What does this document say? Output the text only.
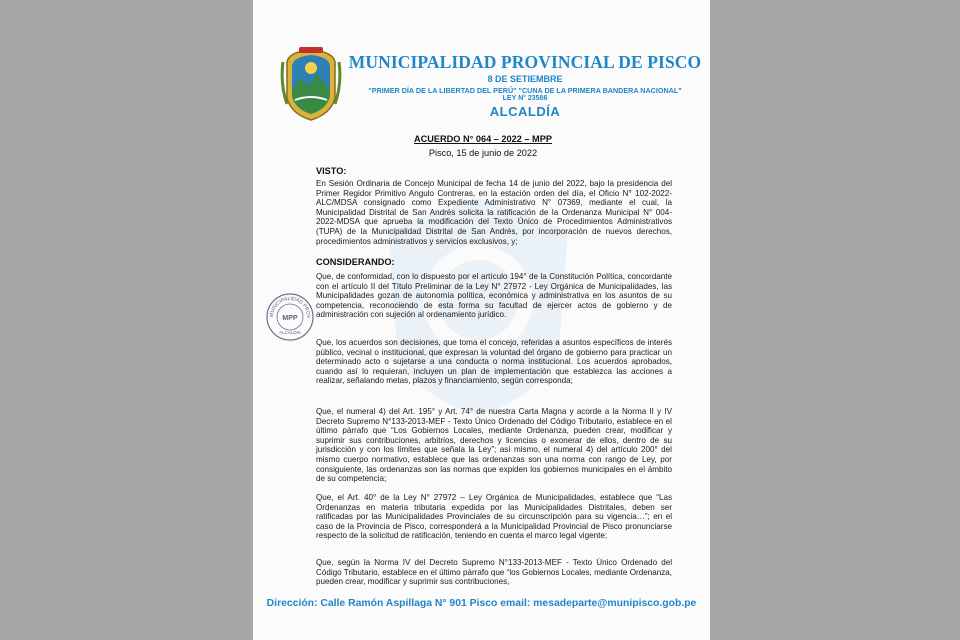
MUNICIPALIDAD PROVINCIAL DE PISCO
8 DE SETIEMBRE
"PRIMER DÍA DE LA LIBERTAD DEL PERÚ" "CUNA DE LA PRIMERA BANDERA NACIONAL"
LEY N° 23586
ALCALDÍA
ACUERDO N° 064 – 2022 – MPP
Pisco, 15 de junio de 2022
VISTO:
En Sesión Ordinaria de Concejo Municipal de fecha 14 de junio del 2022, bajo la presidencia del Primer Regidor Primitivo Angulo Contreras, en la estación orden del día, el Oficio N° 102-2022-ALC/MDSA consignado como Expediente Administrativo N° 07369, mediante el cual, la Municipalidad Distrital de San Andrés solicita la ratificación de la Ordenanza Municipal N° 004-2022-MDSA que aprueba la modificación del Texto Único de Procedimientos Administrativos (TUPA) de la Municipalidad Distrital de San Andrés, por incorporación de nuevos derechos, procedimientos administrativos y servicios exclusivos, y;
CONSIDERANDO:
Que, de conformidad, con lo dispuesto por el artículo 194° de la Constitución Política, concordante con el artículo II del Título Preliminar de la Ley N° 27972 - Ley Orgánica de Municipalidades, las Municipalidades gozan de autonomía política, económica y administrativa en los asuntos de su competencia, reconociendo de esta forma su facultad de ejercer actos de gobierno y de administración con sujeción al ordenamiento jurídico.
Que, los acuerdos son decisiones, que toma el concejo, referidas a asuntos específicos de interés público, vecinal o institucional, que expresan la voluntad del órgano de gobierno para practicar un determinado acto o sujetarse a una conducta o norma institucional. Los acuerdos aprobados, cuando así lo requieran, incluyen un plan de implementación que establezca las acciones a realizar, señalando metas, plazos y financiamiento, según corresponda;
Que, el numeral 4) del Art. 195° y Art. 74° de nuestra Carta Magna y acorde a la Norma II y IV Decreto Supremo N°133-2013-MEF - Texto Único Ordenado del Código Tributario, establece en el último párrafo que “Los Gobiernos Locales, mediante Ordenanza, pueden crear, modificar y suprimir sus contribuciones, arbitrios, derechos y licencias o exonerar de ellos, dentro de su jurisdicción y con los límites que señala la Ley”; así mismo, el numeral 4) del artículo 200° del mismo cuerpo normativo, establece que las ordenanzas son una norma con rango de Ley, por consiguiente, las ordenanzas son las normas que expiden los gobiernos municipales en el ámbito de su competencia;
Que, el Art. 40° de la Ley N° 27972 – Ley Orgánica de Municipalidades, establece que “Las Ordenanzas en materia tributaria expedida por las Municipalidades Distritales, deben ser ratificadas por las Municipalidades Provinciales de su circunscripción para su vigencia…”; en el caso de la Provincia de Pisco, corresponderá a la Municipalidad Provincial de Pisco pronunciarse respecto de la solicitud de ratificación, teniendo en cuenta el marco legal vigente;
Que, según la Norma IV del Decreto Supremo N°133-2013-MEF - Texto Único Ordenado del Código Tributario, establece en el último párrafo que “los Gobiernos Locales, mediante Ordenanza, pueden crear, modificar y suprimir sus contribuciones,
MUNICIPALIDAD PROV
MPP
ALCALDÍA
Dirección: Calle Ramón Aspillaga N° 901 Pisco email: mesadeparte@munipisco.gob.pe
